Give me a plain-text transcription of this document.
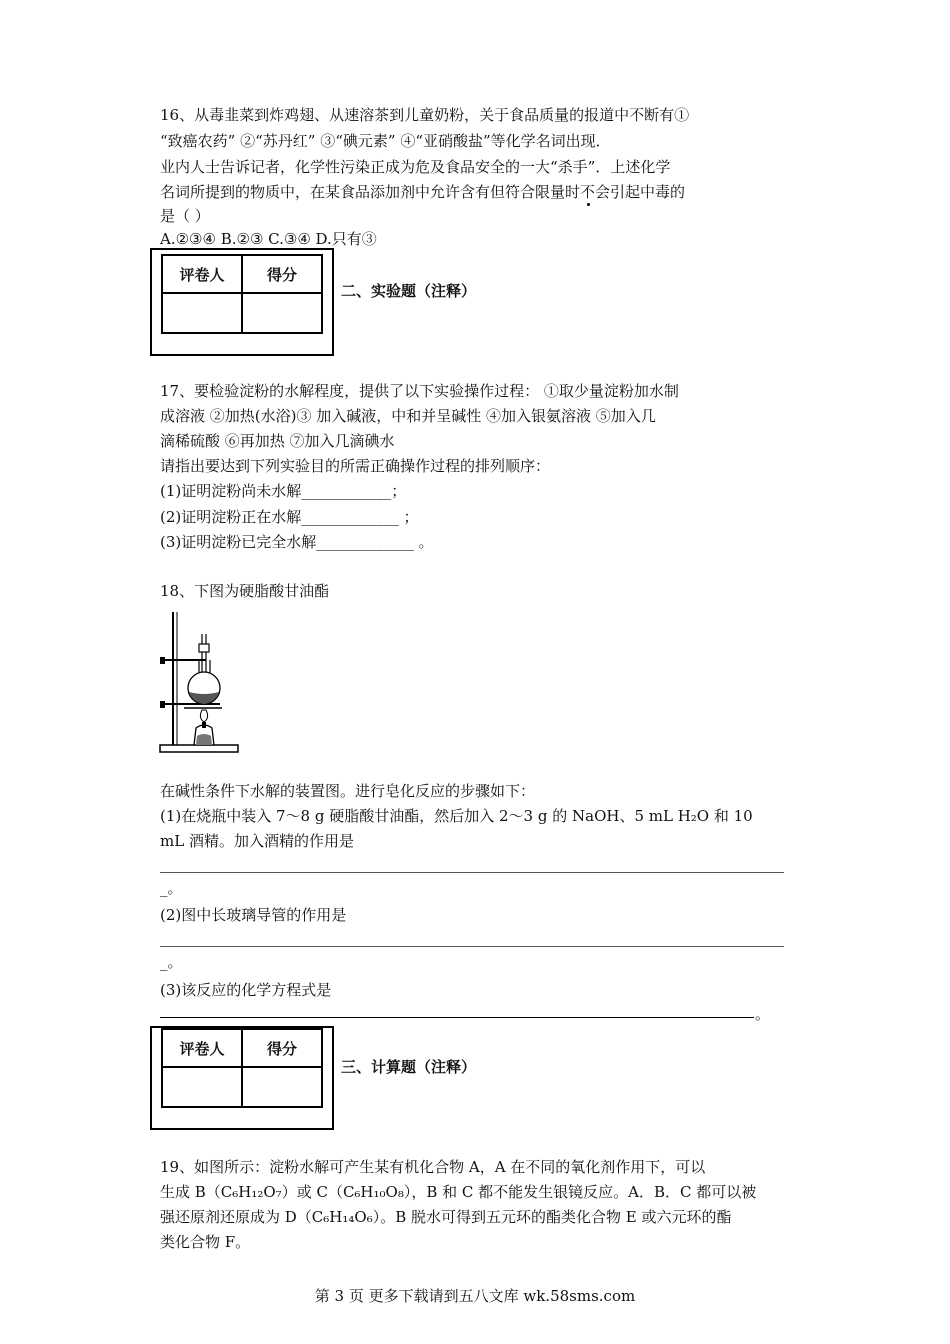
16、从毒韭菜到炸鸡翅、从速溶茶到儿童奶粉，关于食品质量的报道中不断有①
“致癌农药” ②“苏丹红” ③“碘元素” ④“亚硝酸盐”等化学名词出现．
业内人士告诉记者，化学性污染正成为危及食品安全的一大“杀手”．上述化学
名词所提到的物质中，在某食品添加剂中允许含有但符合限量时不会引起中毒的
是（ ）
A.②③④ B.②③ C.③④ D.只有③
评卷人	得分

二、实验题（注释）
17、要检验淀粉的水解程度，提供了以下实验操作过程： ①取少量淀粉加水制
成溶液 ②加热(水浴)③ 加入碱液，中和并呈碱性 ④加入银氨溶液 ⑤加入几
滴稀硫酸 ⑥再加热 ⑦加入几滴碘水
请指出要达到下列实验目的所需正确操作过程的排列顺序：
(1)证明淀粉尚未水解____________；
(2)证明淀粉正在水解_____________ ；
(3)证明淀粉已完全水解_____________ 。
18、下图为硬脂酸甘油酯
在碱性条件下水解的装置图。进行皂化反应的步骤如下：
(1)在烧瓶中装入 7～8 g 硬脂酸甘油酯，然后加入 2～3 g 的 NaOH、5 mL H₂O 和 10
mL 酒精。加入酒精的作用是
_。
(2)图中长玻璃导管的作用是
_。
(3)该反应的化学方程式是
。
评卷人	得分

三、计算题（注释）
19、如图所示：淀粉水解可产生某有机化合物 A，A 在不同的氧化剂作用下，可以
生成 B（C₆H₁₂O₇）或 C（C₆H₁₀O₈），B 和 C 都不能发生银镜反应。A．B．C 都可以被
强还原剂还原成为 D（C₆H₁₄O₆）。B 脱水可得到五元环的酯类化合物 E 或六元环的酯
类化合物 F。
第 3 页 更多下载请到五八文库 wk.58sms.com
